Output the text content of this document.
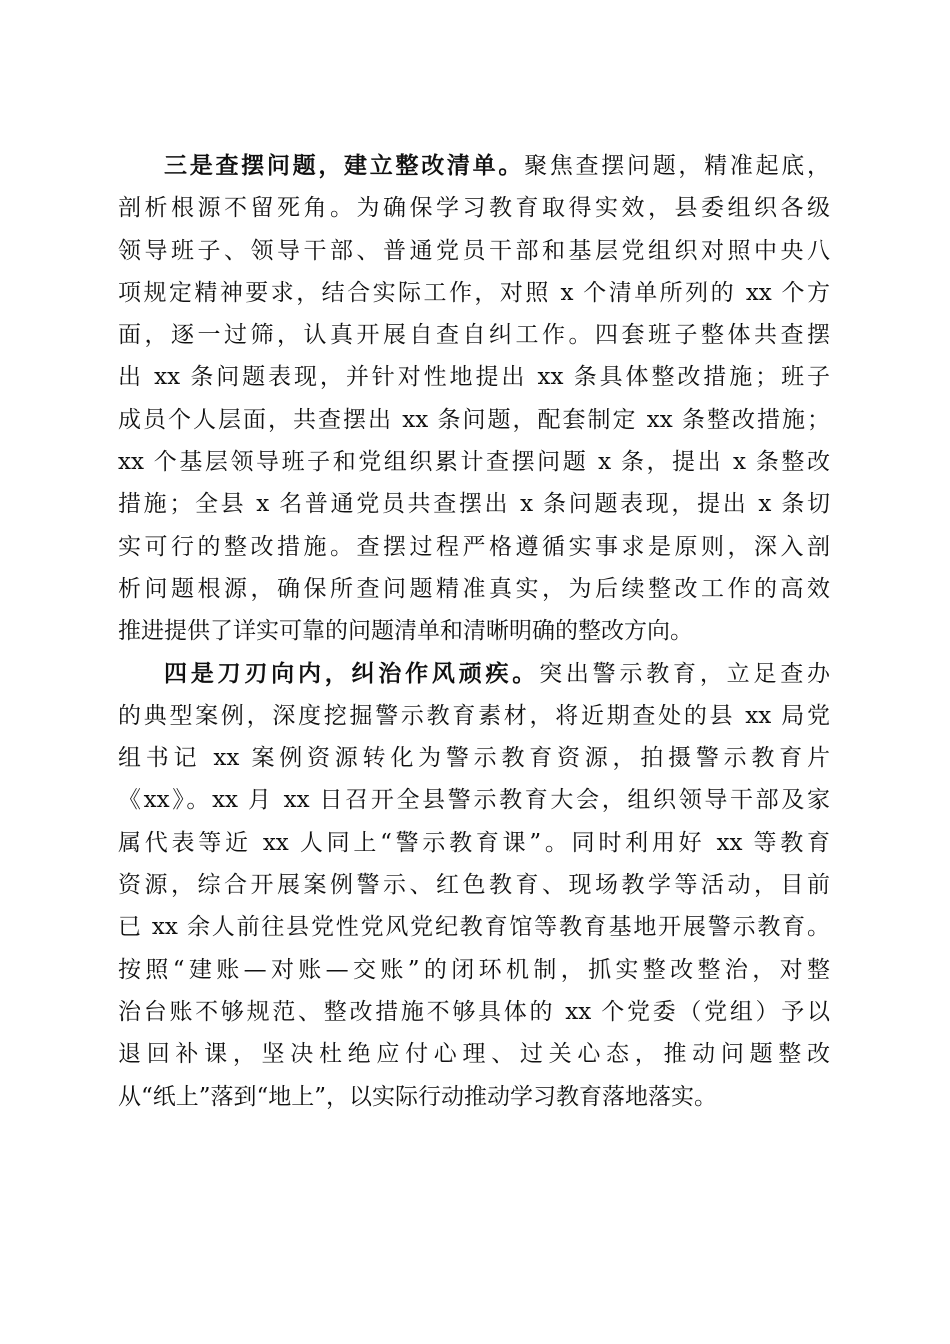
三是查摆问题，建立整改清单。聚焦查摆问题，精准起底，
剖析根源不留死角。为确保学习教育取得实效，县委组织各级
领导班子、领导干部、普通党员干部和基层党组织对照中央八
项规定精神要求，结合实际工作，对照 x 个清单所列的 xx 个方
面，逐一过筛，认真开展自查自纠工作。四套班子整体共查摆
出 xx 条问题表现，并针对性地提出 xx 条具体整改措施；班子
成员个人层面，共查摆出 xx 条问题，配套制定 xx 条整改措施；
xx 个基层领导班子和党组织累计查摆问题 x 条，提出 x 条整改
措施；全县 x 名普通党员共查摆出 x 条问题表现，提出 x 条切
实可行的整改措施。查摆过程严格遵循实事求是原则，深入剖
析问题根源，确保所查问题精准真实，为后续整改工作的高效
推进提供了详实可靠的问题清单和清晰明确的整改方向。
四是刀刃向内，纠治作风顽疾。突出警示教育，立足查办
的典型案例，深度挖掘警示教育素材，将近期查处的县 xx 局党
组书记 xx 案例资源转化为警示教育资源，拍摄警示教育片
《xx》。xx 月 xx 日召开全县警示教育大会，组织领导干部及家
属代表等近 xx 人同上“警示教育课”。同时利用好 xx 等教育
资源，综合开展案例警示、红色教育、现场教学等活动，目前
已 xx 余人前往县党性党风党纪教育馆等教育基地开展警示教育。
按照“建账—对账—交账”的闭环机制，抓实整改整治，对整
治台账不够规范、整改措施不够具体的 xx 个党委（党组）予以
退回补课，坚决杜绝应付心理、过关心态，推动问题整改
从“纸上”落到“地上”，以实际行动推动学习教育落地落实。
